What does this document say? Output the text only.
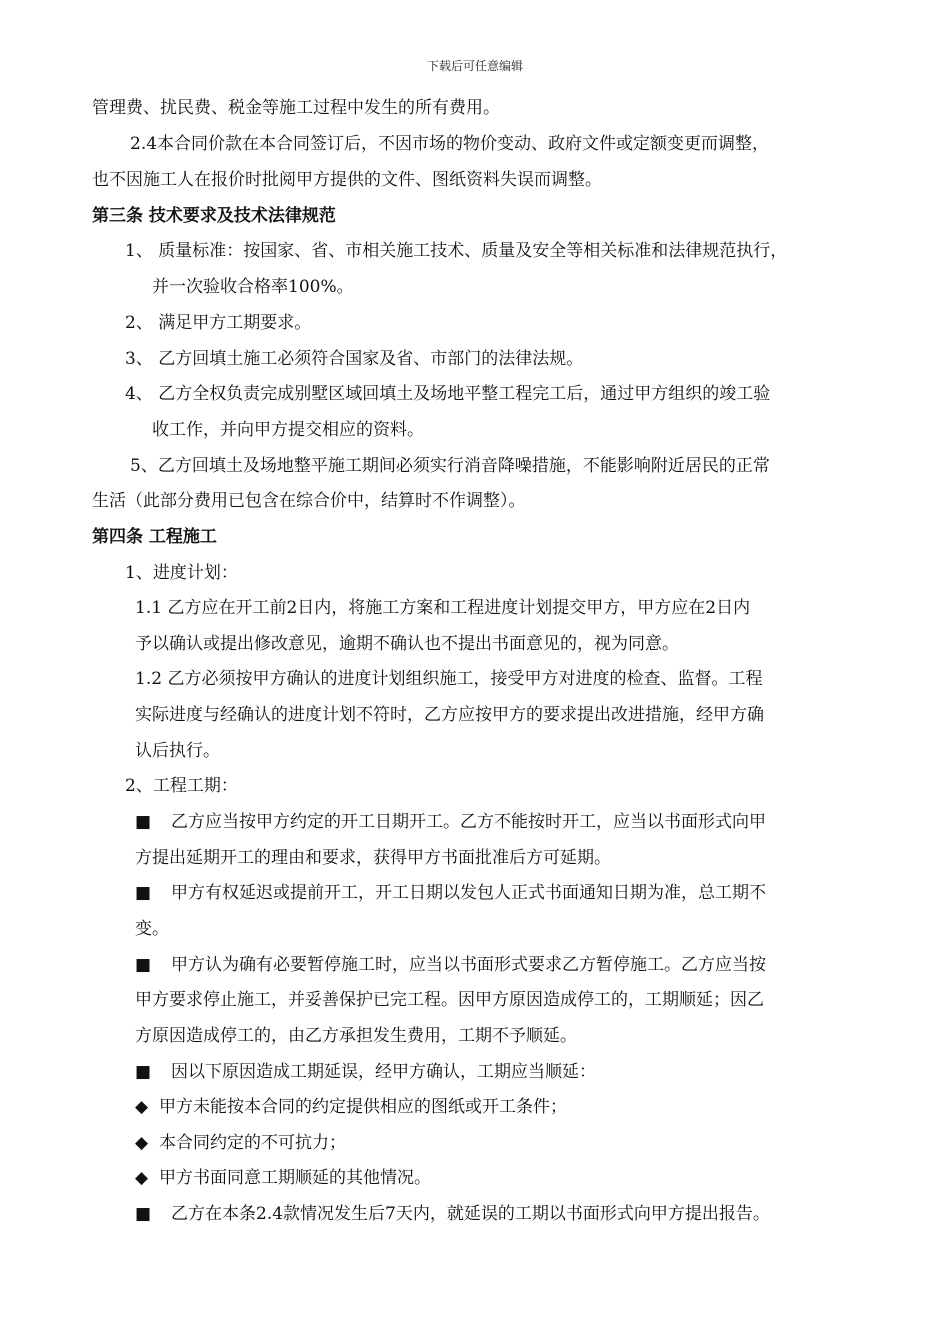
下载后可任意编辑
管理费、扰民费、税金等施工过程中发生的所有费用。
2.4本合同价款在本合同签订后，不因市场的物价变动、政府文件或定额变更而调整，
也不因施工人在报价时批阅甲方提供的文件、图纸资料失误而调整。
第三条 技术要求及技术法律规范
1、 质量标准：按国家、省、市相关施工技术、质量及安全等相关标准和法律规范执行，
并一次验收合格率100%。
2、 满足甲方工期要求。
3、 乙方回填土施工必须符合国家及省、市部门的法律法规。
4、 乙方全权负责完成别墅区域回填土及场地平整工程完工后，通过甲方组织的竣工验
收工作，并向甲方提交相应的资料。
5、乙方回填土及场地整平施工期间必须实行消音降噪措施，不能影响附近居民的正常
生活（此部分费用已包含在综合价中，结算时不作调整）。
第四条 工程施工
1、进度计划：
1.1 乙方应在开工前2日内，将施工方案和工程进度计划提交甲方，甲方应在2日内
予以确认或提出修改意见，逾期不确认也不提出书面意见的，视为同意。
1.2 乙方必须按甲方确认的进度计划组织施工，接受甲方对进度的检查、监督。工程
实际进度与经确认的进度计划不符时，乙方应按甲方的要求提出改进措施，经甲方确
认后执行。
2、工程工期：
■ 乙方应当按甲方约定的开工日期开工。乙方不能按时开工，应当以书面形式向甲
方提出延期开工的理由和要求，获得甲方书面批准后方可延期。
■ 甲方有权延迟或提前开工，开工日期以发包人正式书面通知日期为准，总工期不
变。
■ 甲方认为确有必要暂停施工时，应当以书面形式要求乙方暂停施工。乙方应当按
甲方要求停止施工，并妥善保护已完工程。因甲方原因造成停工的，工期顺延；因乙
方原因造成停工的，由乙方承担发生费用，工期不予顺延。
■ 因以下原因造成工期延误，经甲方确认，工期应当顺延：
◆ 甲方未能按本合同的约定提供相应的图纸或开工条件；
◆ 本合同约定的不可抗力；
◆ 甲方书面同意工期顺延的其他情况。
■ 乙方在本条2.4款情况发生后7天内，就延误的工期以书面形式向甲方提出报告。
